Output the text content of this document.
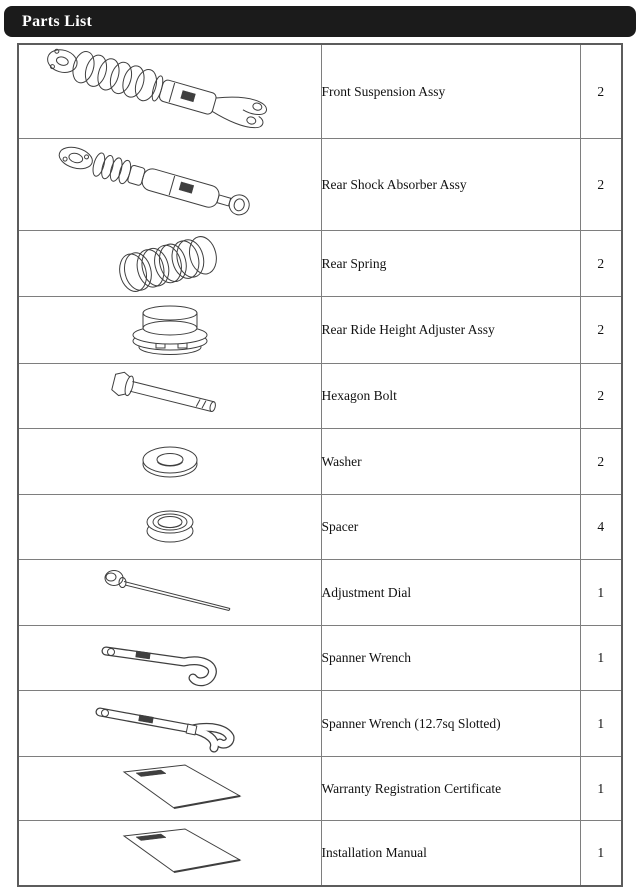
Parts List
	Front Suspension Assy	2

	Rear Shock Absorber Assy	2

	Rear Spring	2

	Rear Ride Height Adjuster Assy	2

	Hexagon Bolt	2

	Washer	2

	Spacer	4

	Adjustment Dial	1

	Spanner Wrench	1

	Spanner Wrench (12.7sq Slotted)	1

	Warranty Registration Certificate	1

	Installation Manual	1
